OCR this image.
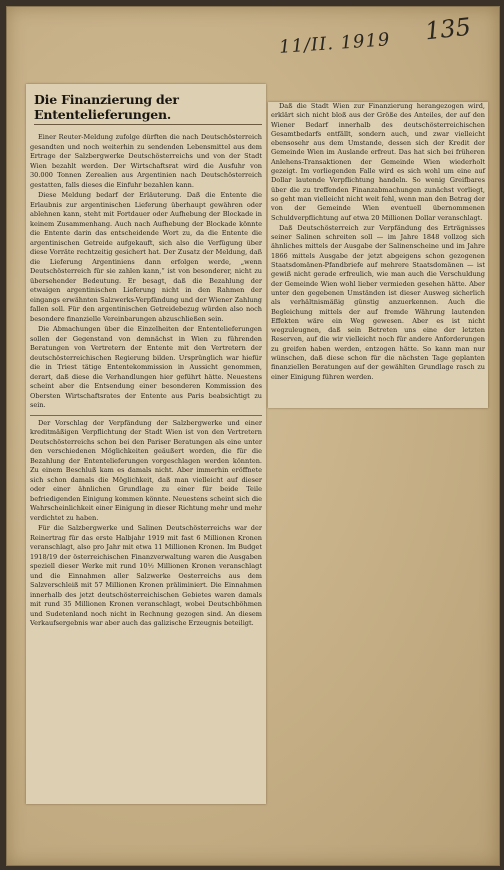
135
11/II. 1919
Die Finanzierung der Ententelieferungen.

Einer Reuter-Meldung zufolge dürften die nach Deutschösterreich gesandten und noch weiterhin zu sendenden Lebensmittel aus dem Ertrage der Salzbergwerke Deutschösterreichs und von der Stadt Wien bezahlt werden. Der Wirtschaftsrat wird die Ausfuhr von 30.000 Tonnen Zerealien aus Argentinien nach Deutschösterreich gestatten, falls dieses die Einfuhr bezahlen kann.

Diese Meldung bedarf der Erläuterung. Daß die Entente die Erlaubnis zur argentinischen Lieferung überhaupt gewähren oder ablehnen kann, steht mit Fortdauer oder Aufhebung der Blockade in keinem Zusammenhang. Auch nach Aufhebung der Blockade könnte die Entente darin das entscheidende Wort zu, da die Entente die argentinischen Getreide aufgekauft, sich also die Verfügung über diese Vorräte rechtzeitig gesichert hat. Der Zusatz der Meldung, daß die Lieferung Argentiniens dann erfolgen werde, „wenn Deutschösterreich für sie zahlen kann,“ ist von besonderer, nicht zu übersehender Bedeutung. Er besagt, daß die Bezahlung der etwaigen argentinischen Lieferung nicht in den Rahmen der eingangs erwähnten Salzwerks-Verpfändung und der Wiener Zahlung fallen soll. Für den argentinischen Getreidebezug würden also noch besondere finanzielle Vereinbarungen abzuschließen sein.

Die Abmachungen über die Einzelheiten der Ententelieferungen sollen der Gegenstand von demnächst in Wien zu führenden Beratungen von Vertretern der Entente mit den Vertretern der deutschösterreichischen Regierung bilden. Ursprünglich war hiefür die in Triest tätige Ententekommission in Aussicht genommen, derart, daß diese die Verhandlungen hier geführt hätte. Neuestens scheint aber die Entsendung einer besonderen Kommission des Obersten Wirtschaftsrates der Entente aus Paris beabsichtigt zu sein.

Der Vorschlag der Verpfändung der Salzbergwerke und einer kreditmäßigen Verpflichtung der Stadt Wien ist von den Vertretern Deutschösterreichs schon bei den Pariser Beratungen als eine unter den verschiedenen Möglichkeiten geäußert worden, die für die Bezahlung der Ententelieferungen vorgeschlagen werden könnten. Zu einem Beschluß kam es damals nicht. Aber immerhin eröffnete sich schon damals die Möglichkeit, daß man vielleicht auf dieser oder einer ähnlichen Grundlage zu einer für beide Teile befriedigenden Einigung kommen könnte. Neuestens scheint sich die Wahrscheinlichkeit einer Einigung in dieser Richtung mehr und mehr verdichtet zu haben.

Für die Salzbergwerke und Salinen Deutschösterreichs war der Reinertrag für das erste Halbjahr 1919 mit fast 6 Millionen Kronen veranschlagt, also pro Jahr mit etwa 11 Millionen Kronen. Im Budget 1918/19 der österreichischen Finanzverwaltung waren die Ausgaben speziell dieser Werke mit rund 10½ Millionen Kronen veranschlagt und die Einnahmen aller Salzwerke Oesterreichs aus dem Salzverschleiß mit 57 Millionen Kronen präliminiert. Die Einnahmen innerhalb des jetzt deutschösterreichischen Gebietes waren damals mit rund 35 Millionen Kronen veranschlagt, wobei Deutschböhmen und Sudetenland noch nicht in Rechnung gezogen sind. An diesem Verkaufsergebnis war aber auch das galizische Erzeugnis beteiligt.

Daß die Stadt Wien zur Finanzierung herangezogen wird, erklärt sich nicht bloß aus der Größe des Anteiles, der auf den Wiener Bedarf innerhalb des deutschösterreichischen Gesamtbedarfs entfällt, sondern auch, und zwar vielleicht ebensosehr aus dem Umstande, dessen sich der Kredit der Gemeinde Wien im Auslande erfreut. Das hat sich bei früheren Anlehens-Transaktionen der Gemeinde Wien wiederholt gezeigt. Im vorliegenden Falle wird es sich wohl um eine auf Dollar lautende Verpflichtung handeln. So wenig Greifbares über die zu treffenden Finanzabmachungen zunächst vorliegt, so geht man vielleicht nicht weit fehl, wenn man den Betrag der von der Gemeinde Wien eventuell übernommenen Schuldverpflichtung auf etwa 20 Millionen Dollar veranschlagt.

Daß Deutschösterreich zur Verpfändung des Erträgnisses seiner Salinen schreiten soll — im Jahre 1848 vollzog sich ähnliches mittels der Ausgabe der Salinenscheine und im Jahre 1866 mittels Ausgabe der jetzt abgeigens schon gezogenen Staatsdomänen-Pfandbriefe auf mehrere Staatsdomänen — ist gewiß nicht gerade erfreulich, wie man auch die Verschuldung der Gemeinde Wien wohl lieber vermieden gesehen hätte. Aber unter den gegebenen Umständen ist dieser Ausweg sicherlich als verhältnismäßig günstig anzuerkennen. Auch die Begleichung mittels der auf fremde Währung lautenden Effekten wäre ein Weg gewesen. Aber es ist nicht wegzuleugnen, daß sein Betreten uns eine der letzten Reserven, auf die wir vielleicht noch für andere Anforderungen zu greifen haben werden, entzogen hätte. So kann man nur wünschen, daß diese schon für die nächsten Tage geplanten finanziellen Beratungen auf der gewählten Grundlage rasch zu einer Einigung führen werden.
